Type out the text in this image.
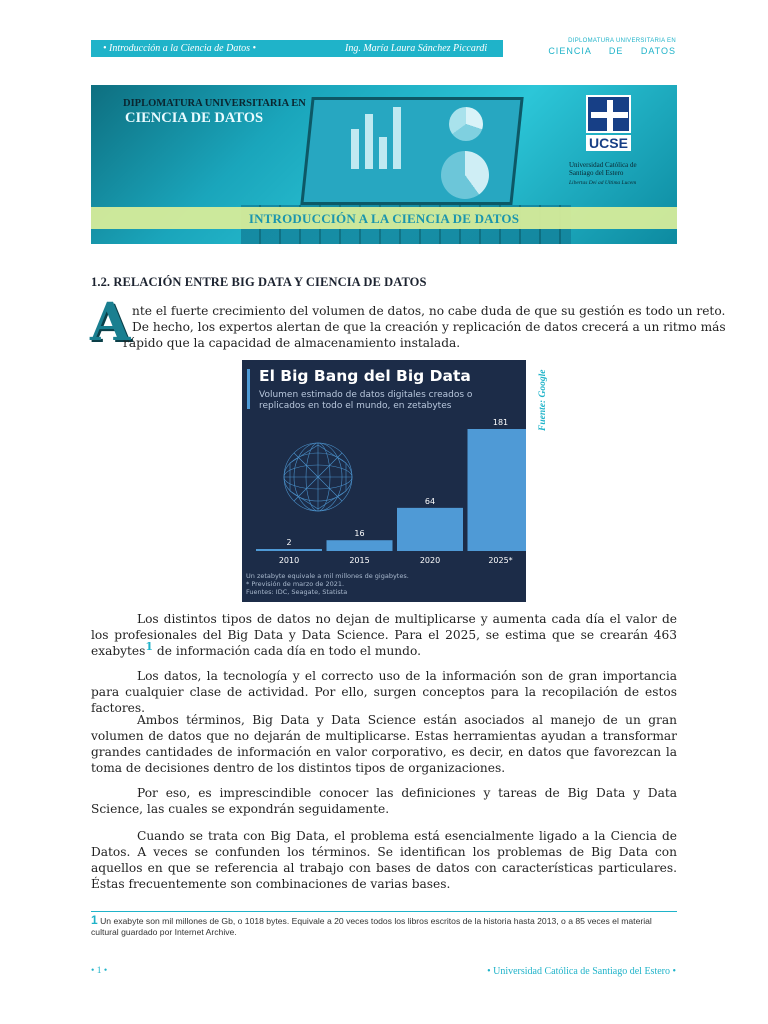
• Introducción a la Ciencia de Datos •	Ing. María Laura Sánchez Piccardi
DIPLOMATURA UNIVERSITARIA EN
CIENCIA DE DATOS
DIPLOMATURA UNIVERSITARIA EN
CIENCIA DE DATOS
INTRODUCCIÓN A LA CIENCIA DE DATOS
UCSE
Universidad Católica de
Santiago del Estero
Libertas Dei ad Ultima Lucem
1.2. RELACIÓN ENTRE BIG DATA Y CIENCIA DE DATOS
A nte el fuerte crecimiento del volumen de datos, no cabe duda de que su gestión es todo un reto.
De hecho, los expertos alertan de que la creación y replicación de datos crecerá a un ritmo más
rápido que la capacidad de almacenamiento instalada.
El Big Bang del Big Data
Volumen estimado de datos digitales creados o replicados en todo el mundo, en zetabytes
2
2010
16
2015
64
2020
181
2025*
Un zetabyte equivale a mil millones de gigabytes.
* Previsión de marzo de 2021.
Fuentes: IDC, Seagate, Statista
Fuente: Google
Los distintos tipos de datos no dejan de multiplicarse y aumenta cada día el valor de los profesionales del Big Data y Data Science. Para el 2025, se estima que se crearán 463 exabytes1 de información cada día en todo el mundo.
Los datos, la tecnología y el correcto uso de la información son de gran importancia para cualquier clase de actividad. Por ello, surgen conceptos para la recopilación de estos factores.
Ambos términos, Big Data y Data Science están asociados al manejo de un gran volumen de datos que no dejarán de multiplicarse. Estas herramientas ayudan a transformar grandes cantidades de información en valor corporativo, es decir, en datos que favorezcan la toma de decisiones dentro de los distintos tipos de organizaciones.
Por eso, es imprescindible conocer las definiciones y tareas de Big Data y Data Science, las cuales se expondrán seguidamente.
Cuando se trata con Big Data, el problema está esencialmente ligado a la Ciencia de Datos. A veces se confunden los términos. Se identifican los problemas de Big Data con aquellos en que se referencia al trabajo con bases de datos con características particulares. Éstas frecuentemente son combinaciones de varias bases.
1 Un exabyte son mil millones de Gb, o 1018 bytes. Equivale a 20 veces todos los libros escritos de la historia hasta 2013, o a 85 veces el material cultural guardado por Internet Archive.
• 1 •	• Universidad Católica de Santiago del Estero •
